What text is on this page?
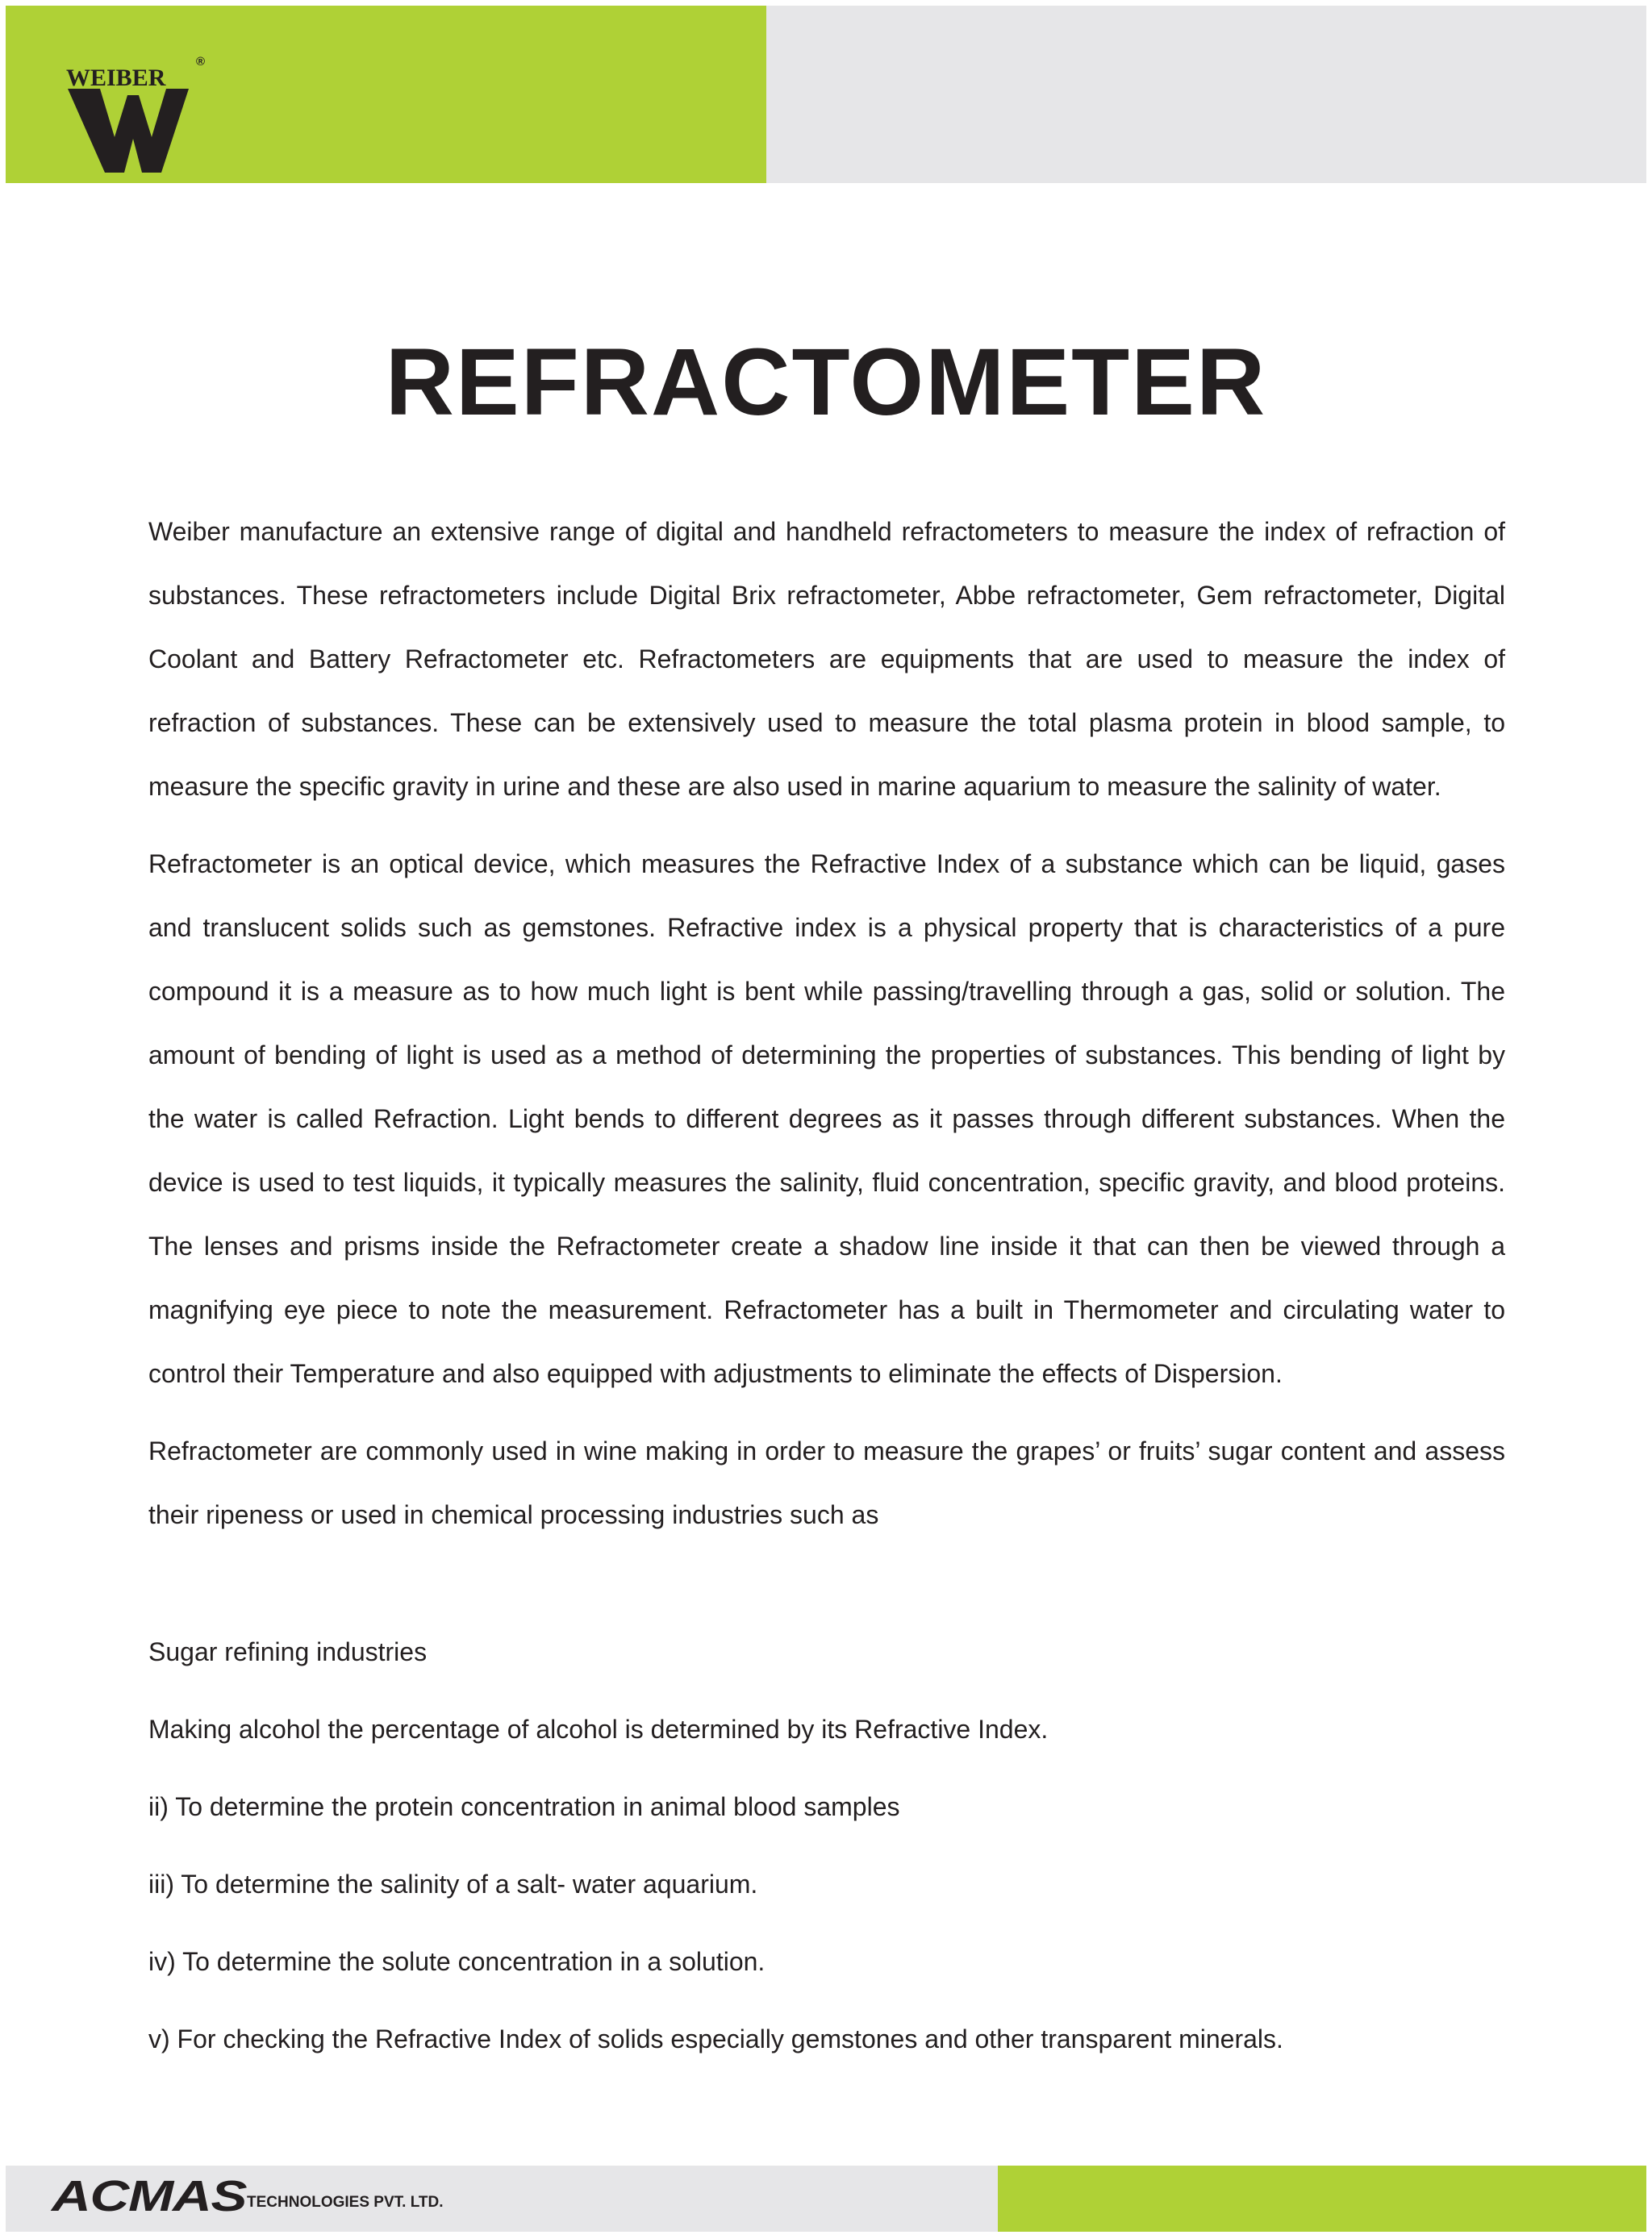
WEIBER
®
REFRACTOMETER

Weiber manufacture an extensive range of digital and handheld refractometers to measure the index of refraction of substances. These refractometers include Digital Brix refractometer, Abbe refractometer, Gem refractometer, Digital Coolant and Battery Refractometer etc. Refractometers are equipments that are used to measure the index of refraction of substances. These can be extensively used to measure the total plasma protein in blood sample, to measure the specific gravity in urine and these are also used in marine aquarium to measure the salinity of water.

Refractometer is an optical device, which measures the Refractive Index of a substance which can be liquid, gases and translucent solids such as gemstones. Refractive index is a physical property that is characteristics of a pure compound it is a measure as to how much light is bent while passing/travelling through a gas, solid or solution. The amount of bending of light is used as a method of determining the properties of substances. This bending of light by the water is called Refraction. Light bends to different degrees as it passes through different substances. When the device is used to test liquids, it typically measures the salinity, fluid concentration, specific gravity, and blood proteins. The lenses and prisms inside the Refractometer create a shadow line inside it that can then be viewed through a magnifying eye piece to note the measurement. Refractometer has a built in Thermometer and circulating water to control their Temperature and also equipped with adjustments to eliminate the effects of Dispersion.

Refractometer are commonly used in wine making in order to measure the grapes’ or fruits’ sugar content and assess their ripeness or used in chemical processing industries such as

Sugar refining industries
Making alcohol the percentage of alcohol is determined by its Refractive Index.
ii) To determine the protein concentration in animal blood samples
iii) To determine the salinity of a salt- water aquarium.
iv) To determine the solute concentration in a solution.
v) For checking the Refractive Index of solids especially gemstones and other transparent minerals.
ACMAS TECHNOLOGIES PVT. LTD.
